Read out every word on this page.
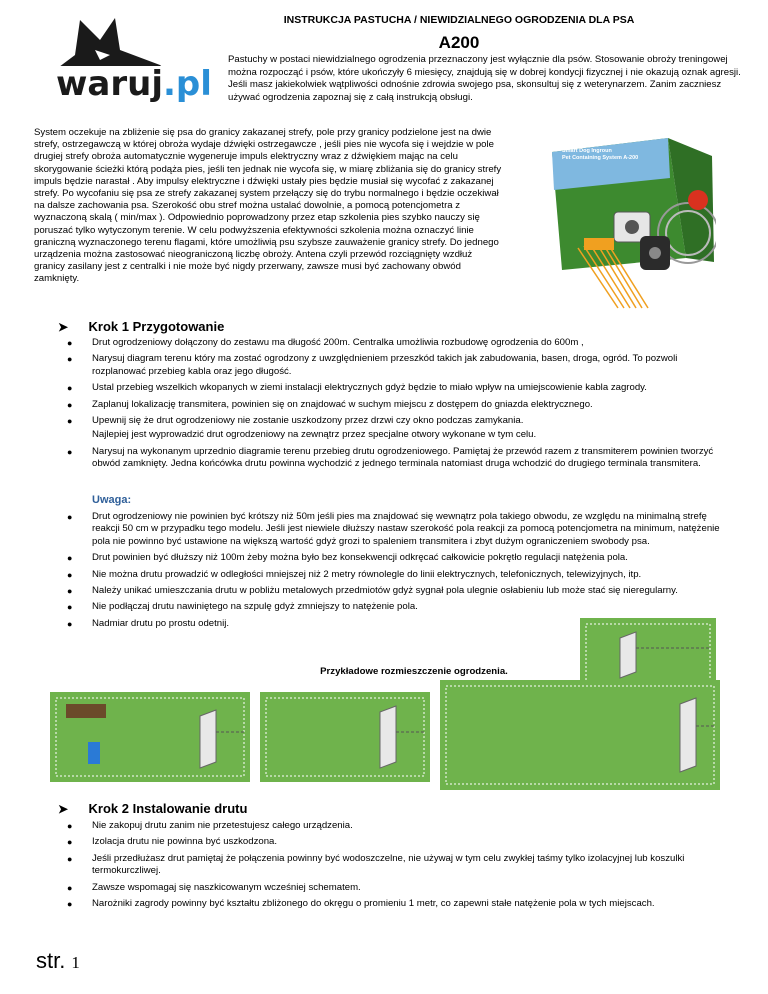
INSTRUKCJA PASTUCHA / NIEWIDZIALNEGO OGRODZENIA DLA PSA
A200
waruj.pl
Pastuchy w postaci niewidzialnego ogrodzenia przeznaczony jest wyłącznie dla psów. Stosowanie obroży treningowej można rozpocząć i psów, które ukończyły 6 miesięcy, znajdują się w dobrej kondycji fizycznej i nie okazują oznak agresji. Jeśli masz jakiekolwiek wątpliwości odnośnie zdrowia swojego psa, skonsultuj się z weterynarzem. Zanim zaczniesz używać ogrodzenia zapoznaj się z całą instrukcją obsługi.
System oczekuje na zbliżenie się psa do granicy zakazanej strefy, pole przy granicy podzielone jest na dwie strefy, ostrzegawczą w której obroża wydaje dźwięki ostrzegawcze , jeśli pies nie wycofa się i wejdzie w pole drugiej strefy obroża automatycznie wygeneruje impuls elektryczny wraz z dźwiękiem mając na celu skorygowanie ścieżki którą podąża pies, jeśli ten jednak nie wycofa się, w miarę zbliżania się do granicy strefy impuls będzie narastał . Aby impulsy elektryczne i dźwięki ustały pies będzie musiał się wycofać z zakazanej strefy. Po wycofaniu się psa ze strefy zakazanej system przełączy się do trybu normalnego i będzie oczekiwał na dalsze zachowania psa. Szerokość obu stref można ustalać dowolnie, a pomocą potencjometra z wyznaczoną skalą ( min/max ). Odpowiednio poprowadzony przez etap szkolenia pies szybko nauczy się poruszać tylko wytyczonym terenie. W celu podwyższenia efektywności szkolenia można oznaczyć linie graniczną wyznaczonego terenu flagami, które umożliwią psu szybsze zauważenie granicy strefy. Do jednego urządzenia można zastosować nieograniczoną liczbę obroży. Antena czyli przewód rozciągnięty wzdłuż granicy zasilany jest z centralki i nie może być nigdy przerwany, zawsze musi być zachowany obwód zamknięty.
Smart Dog Ingroun
Pet Containing System A-200
➤ Krok 1 Przygotowanie
● Drut ogrodzeniowy dołączony do zestawu ma długość 200m. Centralka umożliwia rozbudowę ogrodzenia do 600m ,
● Narysuj diagram terenu który ma zostać ogrodzony z uwzględnieniem przeszkód takich jak zabudowania, basen, droga, ogród. To pozwoli rozplanować przebieg kabla oraz jego długość.
● Ustal przebieg wszelkich wkopanych w ziemi instalacji elektrycznych gdyż będzie to miało wpływ na umiejscowienie kabla zagrody.
● Zaplanuj lokalizację transmitera, powinien się on znajdować w suchym miejscu z dostępem do gniazda elektrycznego.
● Upewnij się że drut ogrodzeniowy nie zostanie uszkodzony przez drzwi czy okno podczas zamykania.
Najlepiej jest wyprowadzić drut ogrodzeniowy na zewnątrz przez specjalne otwory wykonane w tym celu.
● Narysuj na wykonanym uprzednio diagramie terenu przebieg drutu ogrodzeniowego. Pamiętaj że przewód razem z transmiterem powinien tworzyć obwód zamknięty. Jedna końcówka drutu powinna wychodzić z jednego terminala natomiast druga wchodzić do drugiego terminala transmitera.
Uwaga:
● Drut ogrodzeniowy nie powinien być krótszy niż 50m jeśli pies ma znajdować się wewnątrz pola takiego obwodu, ze względu na minimalną strefę reakcji 50 cm w przypadku tego modelu. Jeśli jest niewiele dłuższy nastaw szerokość pola reakcji za pomocą potencjometra na minimum, natężenie pola nie powinno być ustawione na większą wartość gdyż grozi to spaleniem transmitera i zbyt dużym ograniczeniem swobody psa.
● Drut powinien być dłuższy niż 100m żeby można było bez konsekwencji odkręcać całkowicie pokrętło regulacji natężenia pola.
● Nie można drutu prowadzić w odległości mniejszej niż 2 metry równolegle do linii elektrycznych, telefonicznych, telewizyjnych, itp.
● Należy unikać umieszczania drutu w pobliżu metalowych przedmiotów gdyż sygnał pola ulegnie osłabieniu lub może stać się nieregularny.
● Nie podłączaj drutu nawiniętego na szpulę gdyż zmniejszy to natężenie pola.
● Nadmiar drutu po prostu odetnij.
Przykładowe rozmieszczenie ogrodzenia.
➤ Krok 2 Instalowanie drutu
● Nie zakopuj drutu zanim nie przetestujesz całego urządzenia.
● Izolacja drutu nie powinna być uszkodzona.
● Jeśli przedłużasz drut pamiętaj że połączenia powinny być wodoszczelne, nie używaj w tym celu zwykłej taśmy tylko izolacyjnej lub koszulki termokurczliwej.
● Zawsze wspomagaj się naszkicowanym wcześniej schematem.
● Narożniki zagrody powinny być kształtu zbliżonego do okręgu o promieniu 1 metr, co zapewni stałe natężenie pola w tych miejscach.
str. 1
